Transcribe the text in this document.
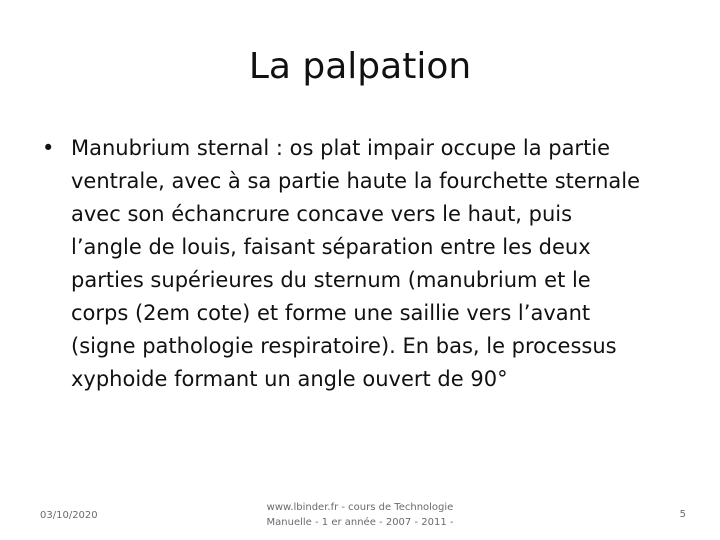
La palpation
• Manubrium sternal : os plat impair occupe la partie
ventrale, avec à sa partie haute la fourchette sternale
avec son échancrure concave vers le haut, puis
l’angle de louis, faisant séparation entre les deux
parties supérieures du sternum (manubrium et le
corps (2em cote) et forme une saillie vers l’avant
(signe pathologie respiratoire). En bas, le processus
xyphoide formant un angle ouvert de 90°
03/10/2020
www.lbinder.fr - cours de Technologie
Manuelle - 1 er année - 2007 - 2011 -
5
